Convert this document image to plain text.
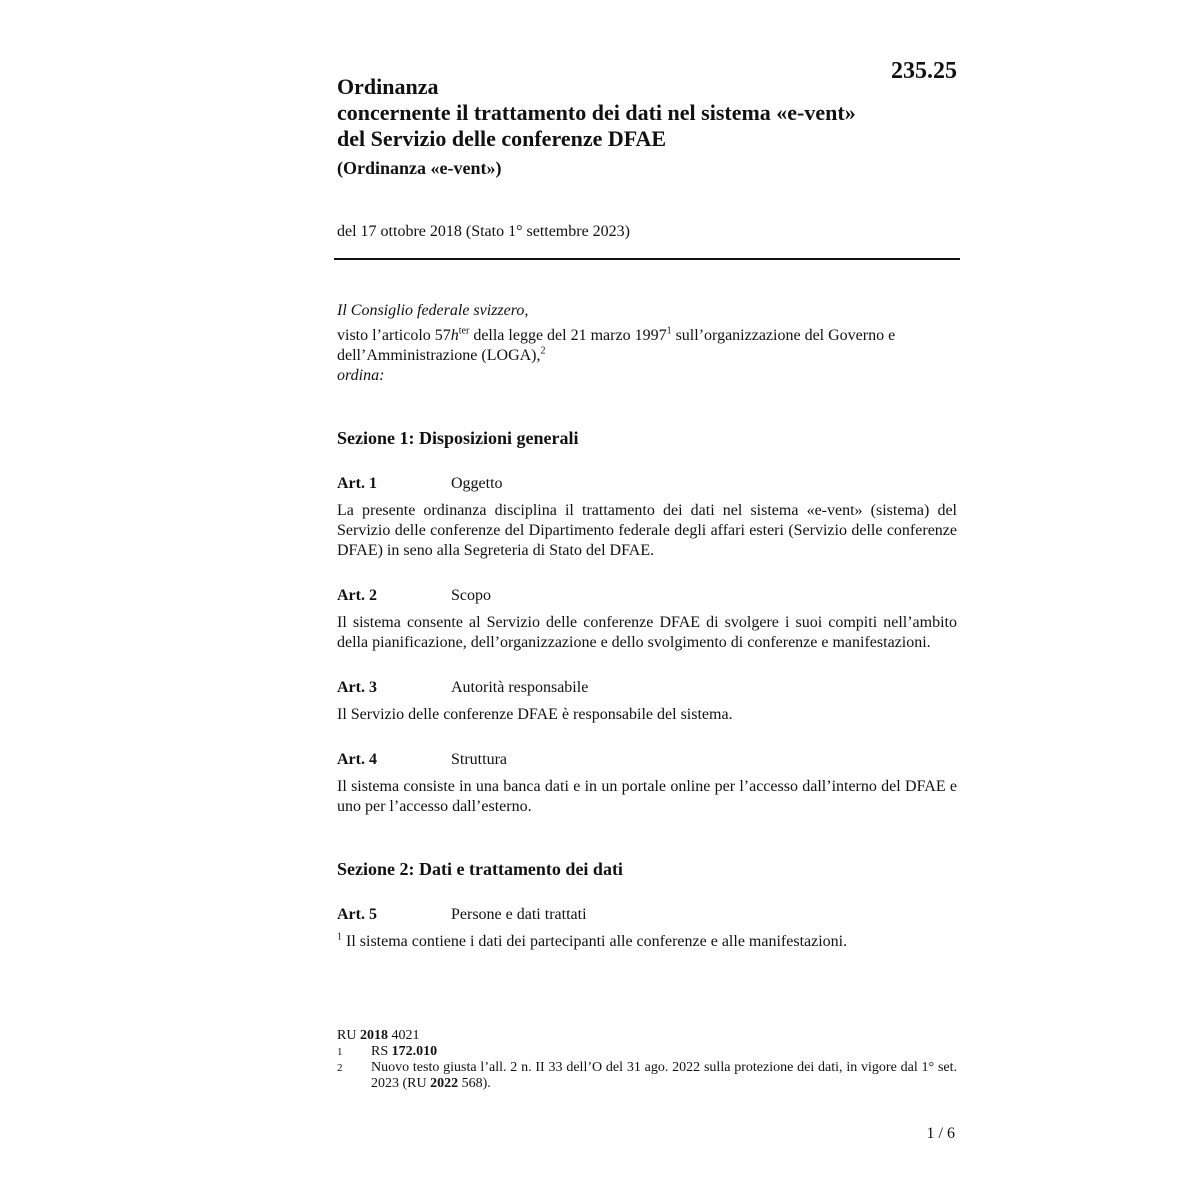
235.25
Ordinanza
concernente il trattamento dei dati nel sistema «e-vent»
del Servizio delle conferenze DFAE
(Ordinanza «e-vent»)
del 17 ottobre 2018 (Stato 1° settembre 2023)
Il Consiglio federale svizzero,
visto l’articolo $57h^{ter}$ della legge del 21 marzo 1997$^1$ sull’organizzazione del Governo e dell’Amministrazione (LOGA),$^2$
ordina:
Sezione 1: Disposizioni generali
Art. 1	Oggetto
La presente ordinanza disciplina il trattamento dei dati nel sistema «e-vent» (sistema) del Servizio delle conferenze del Dipartimento federale degli affari esteri (Servizio delle conferenze DFAE) in seno alla Segreteria di Stato del DFAE.
Art. 2	Scopo
Il sistema consente al Servizio delle conferenze DFAE di svolgere i suoi compiti nell’ambito della pianificazione, dell’organizzazione e dello svolgimento di conferenze e manifestazioni.
Art. 3	Autorità responsabile
Il Servizio delle conferenze DFAE è responsabile del sistema.
Art. 4	Struttura
Il sistema consiste in una banca dati e in un portale online per l’accesso dall’interno del DFAE e uno per l’accesso dall’esterno.
Sezione 2: Dati e trattamento dei dati
Art. 5	Persone e dati trattati
$^1$ Il sistema contiene i dati dei partecipanti alle conferenze e alle manifestazioni.
RU 2018 4021
1	RS 172.010
2	Nuovo testo giusta l’all. 2 n. II 33 dell’O del 31 ago. 2022 sulla protezione dei dati, in vigore dal 1° set. 2023 (RU 2022 568).
1 / 6
